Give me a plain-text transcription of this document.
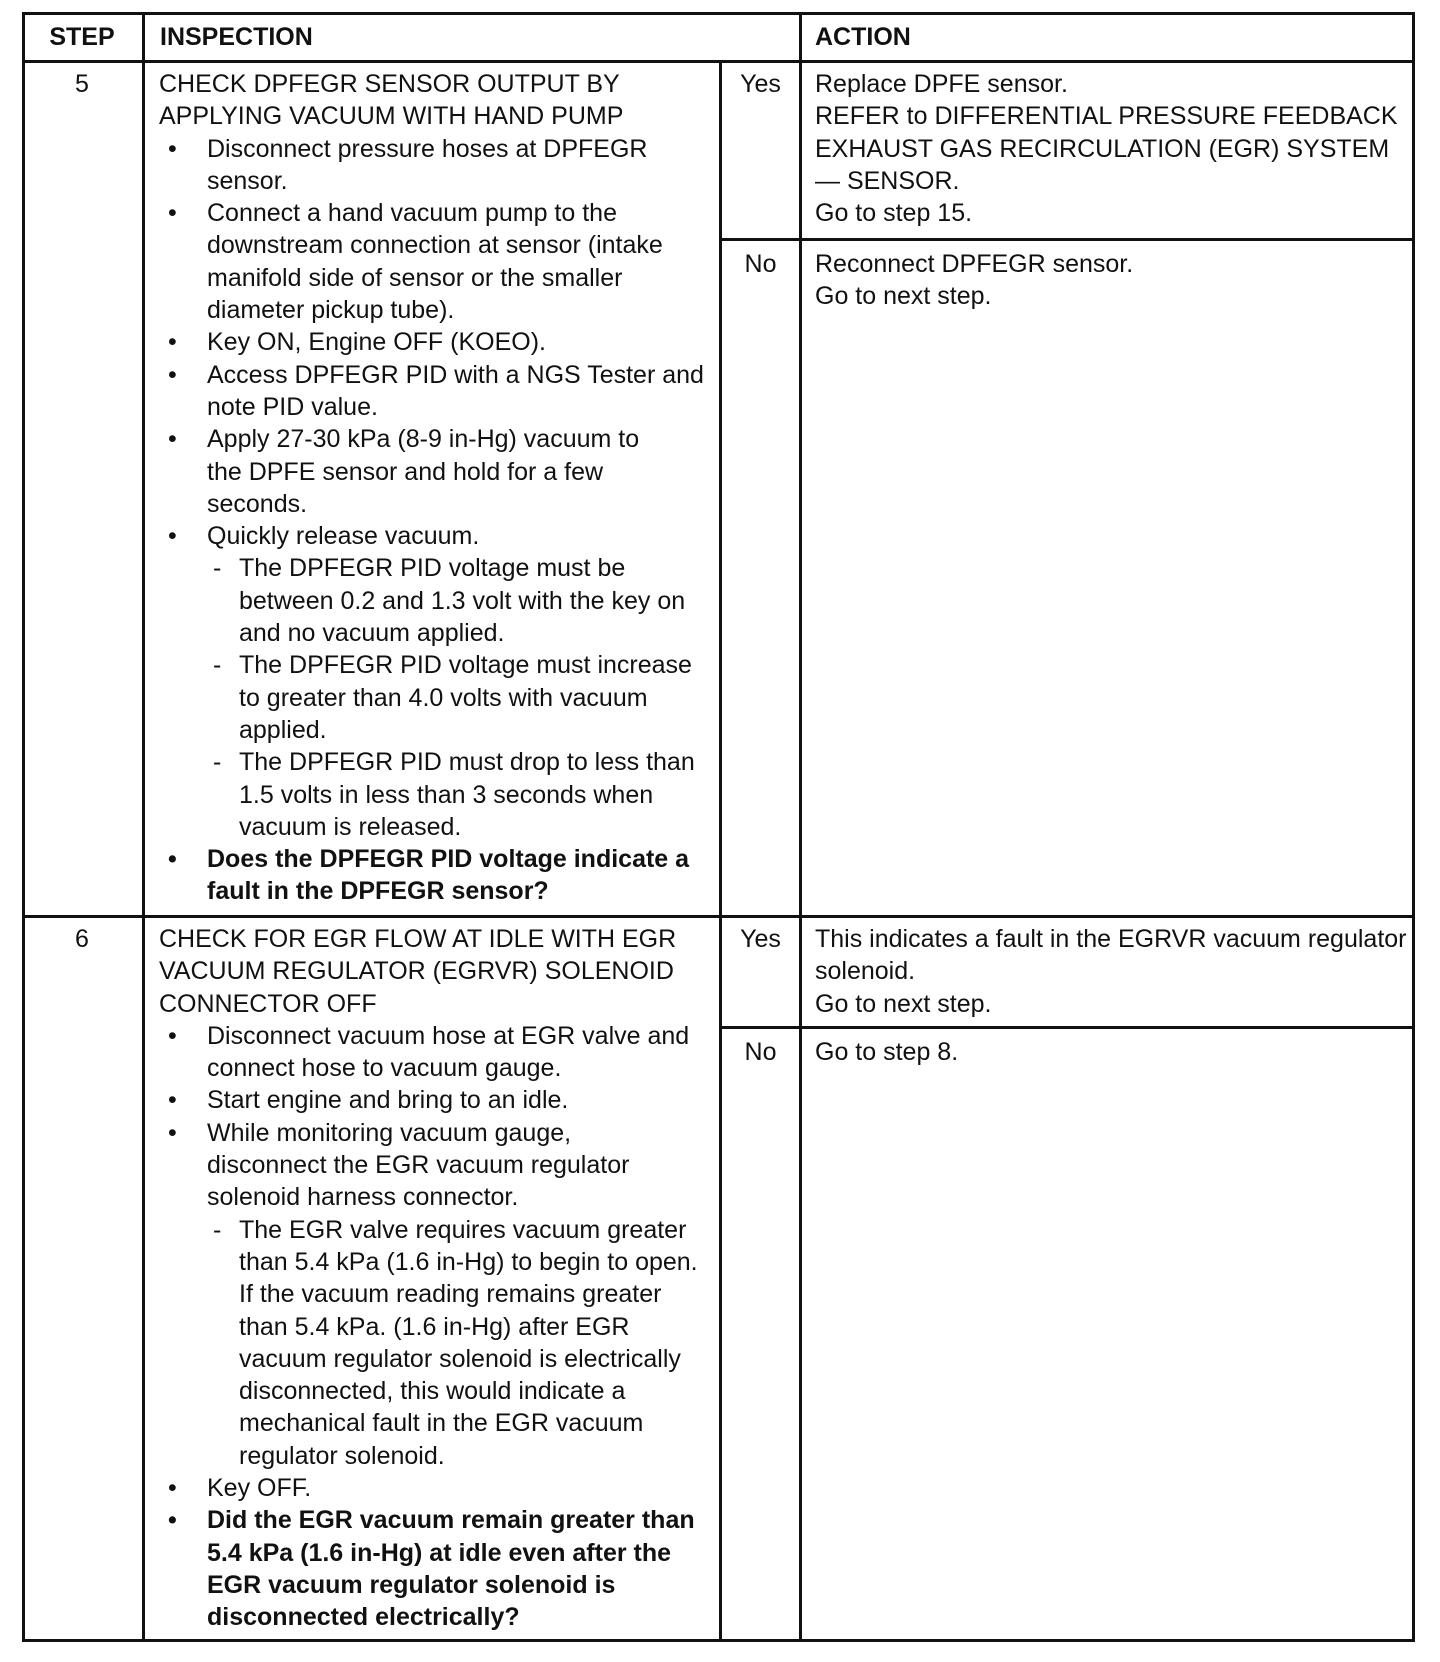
STEP	INSPECTION	ACTION
5	CHECK DPFEGR SENSOR OUTPUT BY APPLYING VACUUM WITH HAND PUMP
• Disconnect pressure hoses at DPFEGR sensor.
• Connect a hand vacuum pump to the downstream connection at sensor (intake manifold side of sensor or the smaller diameter pickup tube).
• Key ON, Engine OFF (KOEO).
• Access DPFEGR PID with a NGS Tester and note PID value.
• Apply 27-30 kPa (8-9 in-Hg) vacuum to the DPFE sensor and hold for a few seconds.
• Quickly release vacuum.
- The DPFEGR PID voltage must be between 0.2 and 1.3 volt with the key on and no vacuum applied.
- The DPFEGR PID voltage must increase to greater than 4.0 volts with vacuum applied.
- The DPFEGR PID must drop to less than 1.5 volts in less than 3 seconds when vacuum is released.
• Does the DPFEGR PID voltage indicate a fault in the DPFEGR sensor?
Yes	Replace DPFE sensor.
REFER to DIFFERENTIAL PRESSURE FEEDBACK EXHAUST GAS RECIRCULATION (EGR) SYSTEM — SENSOR.
Go to step 15.
No	Reconnect DPFEGR sensor.
Go to next step.
6	CHECK FOR EGR FLOW AT IDLE WITH EGR VACUUM REGULATOR (EGRVR) SOLENOID CONNECTOR OFF
• Disconnect vacuum hose at EGR valve and connect hose to vacuum gauge.
• Start engine and bring to an idle.
• While monitoring vacuum gauge, disconnect the EGR vacuum regulator solenoid harness connector.
- The EGR valve requires vacuum greater than 5.4 kPa (1.6 in-Hg) to begin to open. If the vacuum reading remains greater than 5.4 kPa. (1.6 in-Hg) after EGR vacuum regulator solenoid is electrically disconnected, this would indicate a mechanical fault in the EGR vacuum regulator solenoid.
• Key OFF.
• Did the EGR vacuum remain greater than 5.4 kPa (1.6 in-Hg) at idle even after the EGR vacuum regulator solenoid is disconnected electrically?
Yes	This indicates a fault in the EGRVR vacuum regulator solenoid.
Go to next step.
No	Go to step 8.
